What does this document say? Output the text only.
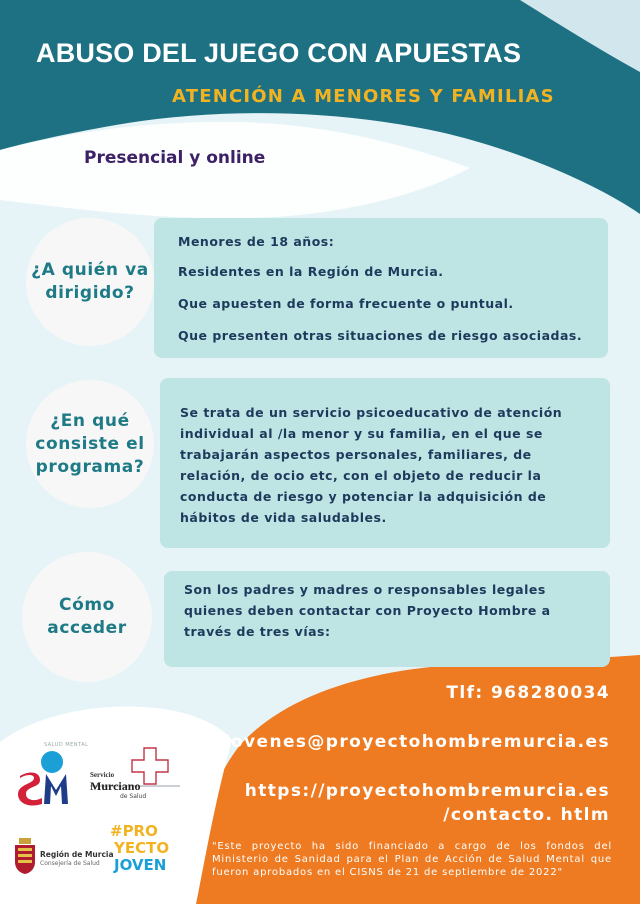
ABUSO DEL JUEGO CON APUESTAS
ATENCIÓN A MENORES Y FAMILIAS
Presencial y online
Menores de 18 años:
Residentes en la Región de Murcia.
Que apuesten de forma frecuente o puntual.
Que presenten otras situaciones de riesgo asociadas.
¿A quién va
dirigido?
Se trata de un servicio psicoeducativo de atención individual al /la menor y su familia, en el que se trabajarán aspectos personales, familiares, de relación, de ocio etc, con el objeto de reducir la conducta de riesgo y potenciar la adquisición de hábitos de vida saludables.
¿En qué
consiste el
programa?
Son los padres y madres o responsables legales quienes deben contactar con Proyecto Hombre a través de tres vías:
Cómo
acceder
Tlf: 968280034
jovenes@proyectohombremurcia.es
https://proyectohombremurcia.es
/contacto. htlm
"Este proyecto ha sido financiado a cargo de los fondos del Ministerio de Sanidad para el Plan de Acción de Salud Mental que fueron aprobados en el CISNS de 21 de septiembre de 2022"
SALUD MENTAL
Servicio
Murciano
de Salud
Región de Murcia
Consejería de Salud
#PRO
YECTO
JOVEN
